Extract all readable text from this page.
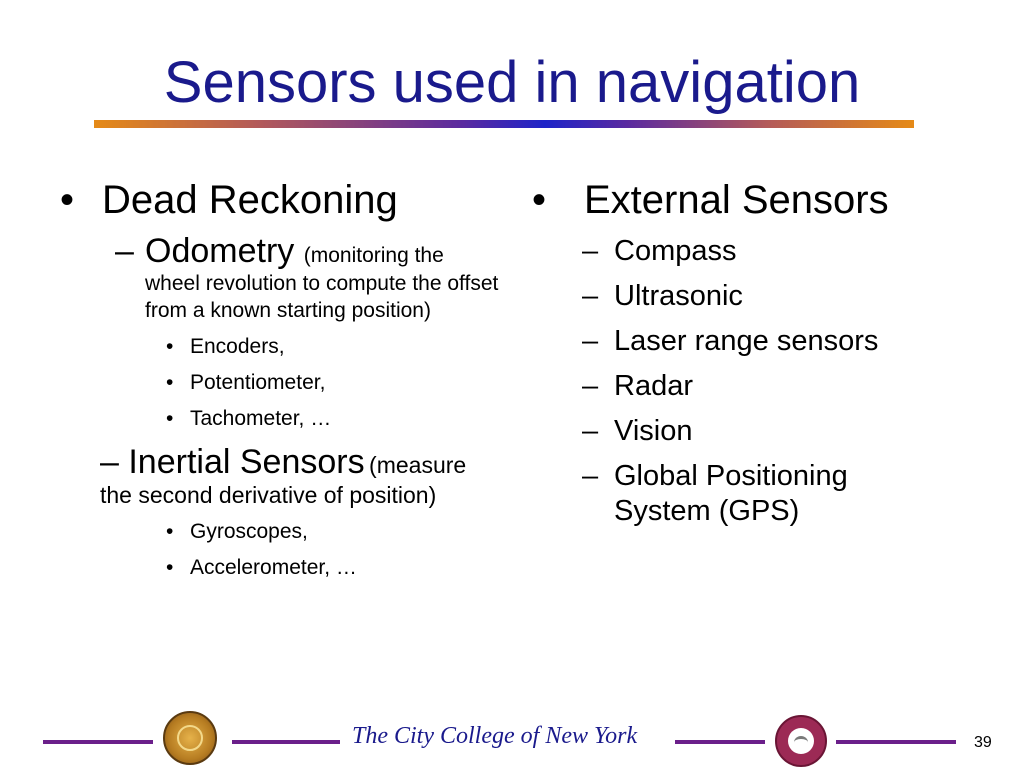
Sensors used in navigation
• Dead Reckoning
– Odometry (monitoring the

wheel revolution to compute the offset from a known starting position)
• Encoders,
• Potentiometer,
• Tachometer, …
– Inertial Sensors (measure
the second derivative of position)
• Gyroscopes,
• Accelerometer, …
• External Sensors
– Compass
– Ultrasonic
– Laser range sensors
– Radar
– Vision
– Global Positioning System (GPS)
The City College of New York	39
